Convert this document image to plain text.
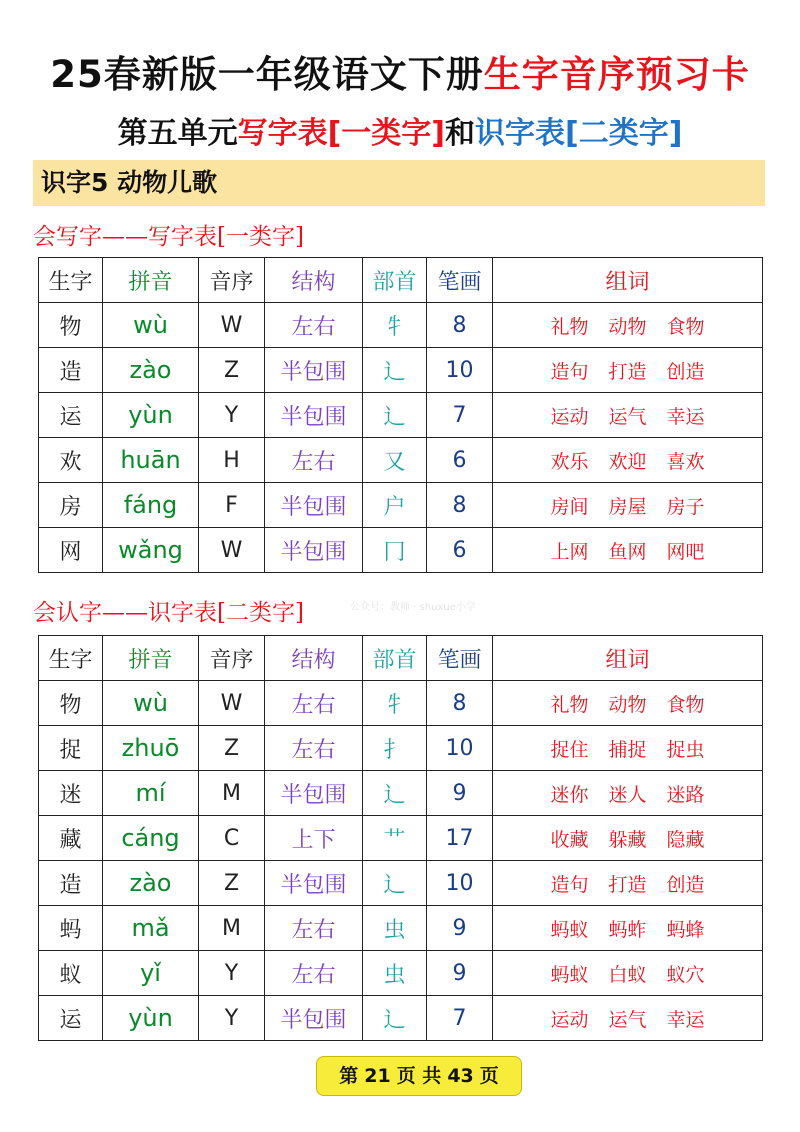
25春新版一年级语文下册生字音序预习卡
第五单元写字表[一类字]和识字表[二类字]
识字5 动物儿歌
会写字——写字表[一类字]
生字	拼音	音序	结构	部首	笔画	组词
物	wù	W	左右	牜	8	礼物 动物 食物
造	zào	Z	半包围	辶	10	造句 打造 创造
运	yùn	Y	半包围	辶	7	运动 运气 幸运
欢	huān	H	左右	又	6	欢乐 欢迎 喜欢
房	fáng	F	半包围	户	8	房间 房屋 房子
网	wǎng	W	半包围	冂	6	上网 鱼网 网吧
会认字——识字表[二类字]	公众号：教师 · shuxue小学
生字	拼音	音序	结构	部首	笔画	组词
物	wù	W	左右	牜	8	礼物 动物 食物
捉	zhuō	Z	左右	扌	10	捉住 捕捉 捉虫
迷	mí	M	半包围	辶	9	迷你 迷人 迷路
藏	cáng	C	上下	艹	17	收藏 躲藏 隐藏
造	zào	Z	半包围	辶	10	造句 打造 创造
蚂	mǎ	M	左右	虫	9	蚂蚁 蚂蚱 蚂蜂
蚁	yǐ	Y	左右	虫	9	蚂蚁 白蚁 蚁穴
运	yùn	Y	半包围	辶	7	运动 运气 幸运
第 21 页 共 43 页
